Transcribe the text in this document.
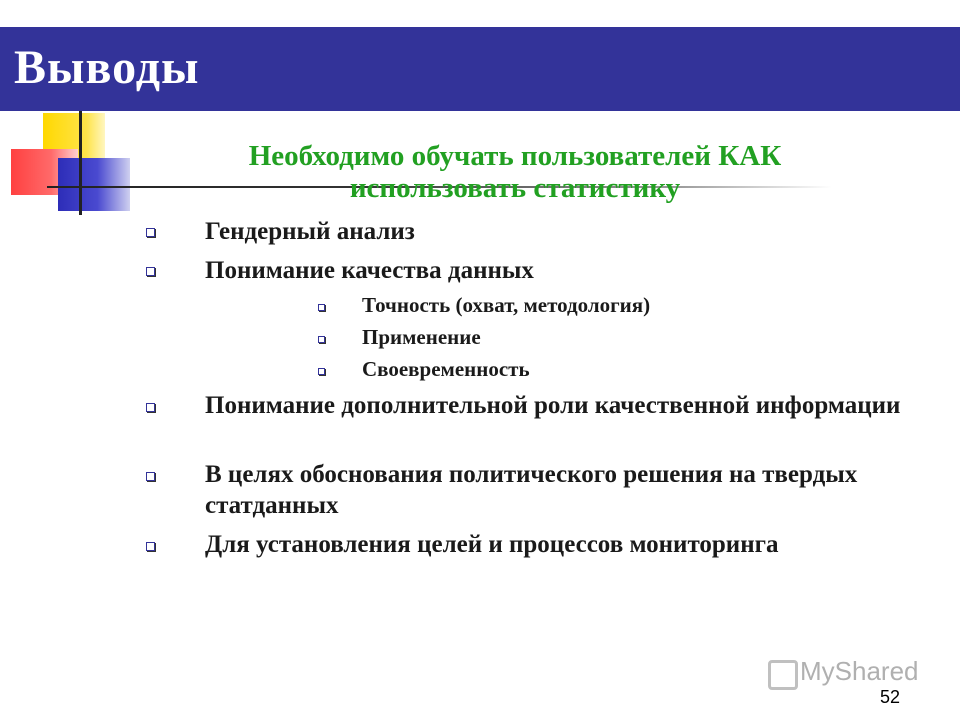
Выводы
Необходимо обучать пользователей КАК использовать статистику
Гендерный анализ
Понимание качества данных
Точность (охват, методология)
Применение
Своевременность
Понимание дополнительной роли качественной информации
В целях обоснования политического решения на твердых статданных
Для установления целей и процессов мониторинга
MyShared
52
